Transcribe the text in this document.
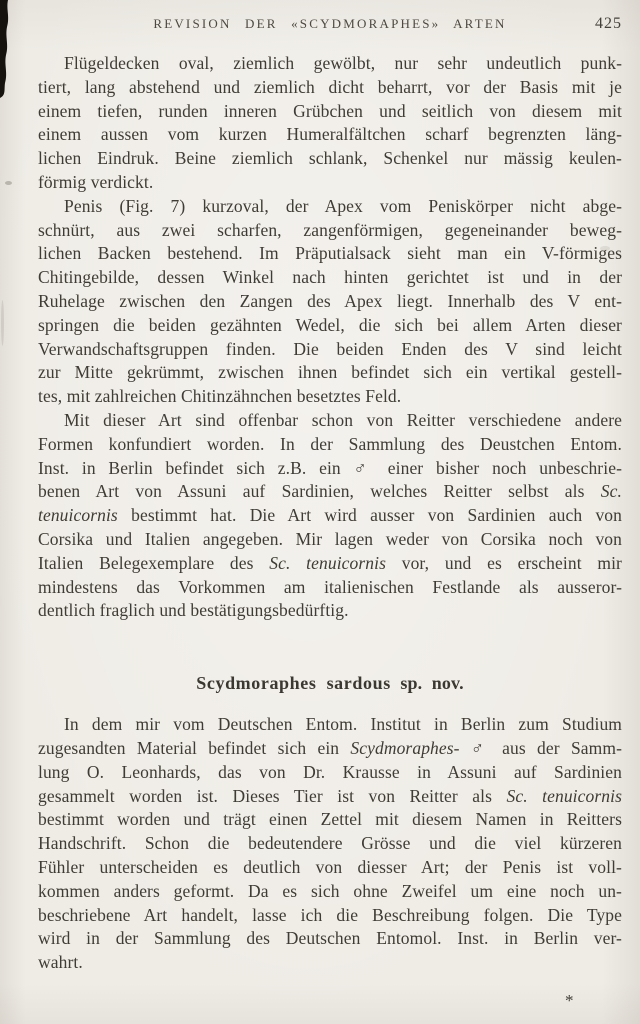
REVISION DER «SCYDMORAPHES» ARTEN	425
Flügeldecken oval, ziemlich gewölbt, nur sehr undeutlich punk-
tiert, lang abstehend und ziemlich dicht beharrt, vor der Basis mit je
einem tiefen, runden inneren Grübchen und seitlich von diesem mit
einem aussen vom kurzen Humeralfältchen scharf begrenzten läng-
lichen Eindruk. Beine ziemlich schlank, Schenkel nur mässig keulen-
förmig verdickt.
Penis (Fig. 7) kurzoval, der Apex vom Peniskörper nicht abge-
schnürt, aus zwei scharfen, zangenförmigen, gegeneinander beweg-
lichen Backen bestehend. Im Präputialsack sieht man ein V-förmiges
Chitingebilde, dessen Winkel nach hinten gerichtet ist und in der
Ruhelage zwischen den Zangen des Apex liegt. Innerhalb des V ent-
springen die beiden gezähnten Wedel, die sich bei allem Arten dieser
Verwandschaftsgruppen finden. Die beiden Enden des V sind leicht
zur Mitte gekrümmt, zwischen ihnen befindet sich ein vertikal gestell-
tes, mit zahlreichen Chitinzähnchen besetztes Feld.
Mit dieser Art sind offenbar schon von Reitter verschiedene andere
Formen konfundiert worden. In der Sammlung des Deustchen Entom.
Inst. in Berlin befindet sich z.B. ein ♂ einer bisher noch unbeschrie-
benen Art von Assuni auf Sardinien, welches Reitter selbst als Sc.
tenuicornis bestimmt hat. Die Art wird ausser von Sardinien auch von
Corsika und Italien angegeben. Mir lagen weder von Corsika noch von
Italien Belegexemplare des Sc. tenuicornis vor, und es erscheint mir
mindestens das Vorkommen am italienischen Festlande als ausseror-
dentlich fraglich und bestätigungsbedürftig.
Scydmoraphes sardous sp. nov.
In dem mir vom Deutschen Entom. Institut in Berlin zum Studium
zugesandten Material befindet sich ein Scydmoraphes- ♂ aus der Samm-
lung O. Leonhards, das von Dr. Krausse in Assuni auf Sardinien
gesammelt worden ist. Dieses Tier ist von Reitter als Sc. tenuicornis
bestimmt worden und trägt einen Zettel mit diesem Namen in Reitters
Handschrift. Schon die bedeutendere Grösse und die viel kürzeren
Fühler unterscheiden es deutlich von diesser Art; der Penis ist voll-
kommen anders geformt. Da es sich ohne Zweifel um eine noch un-
beschriebene Art handelt, lasse ich die Beschreibung folgen. Die Type
wird in der Sammlung des Deutschen Entomol. Inst. in Berlin ver-
wahrt.
*
